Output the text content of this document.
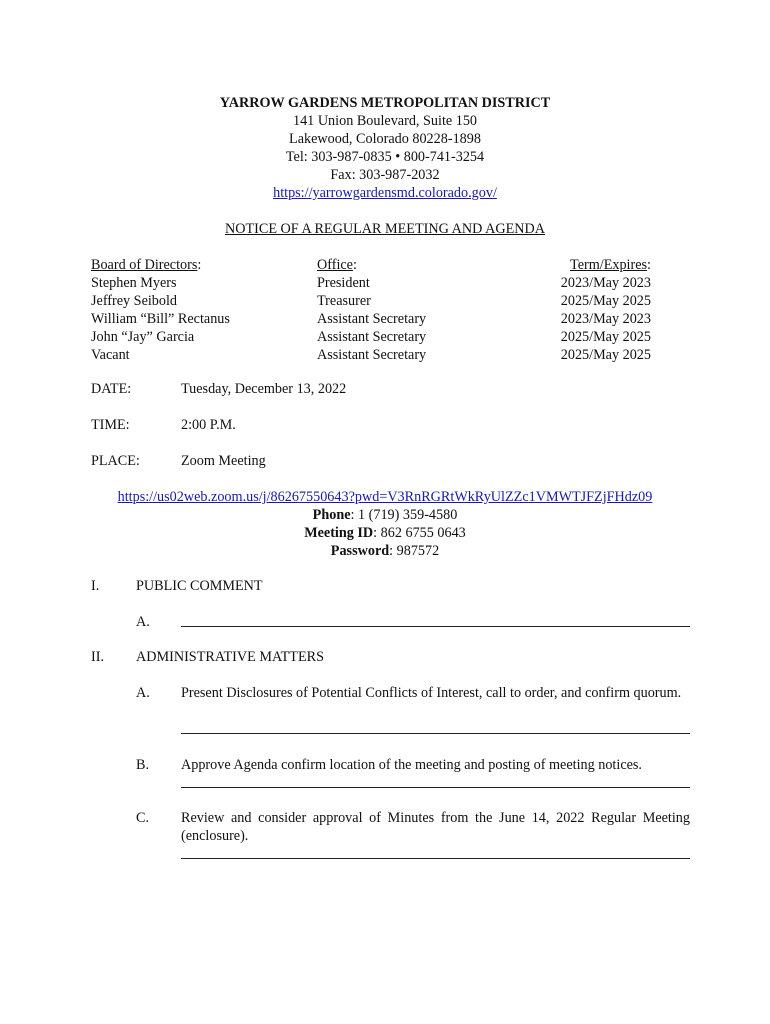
YARROW GARDENS METROPOLITAN DISTRICT
141 Union Boulevard, Suite 150
Lakewood, Colorado 80228-1898
Tel: 303-987-0835 • 800-741-3254
Fax: 303-987-2032
https://yarrowgardensmd.colorado.gov/
NOTICE OF A REGULAR MEETING AND AGENDA
Board of Directors:	Office:	Term/Expires:
Stephen Myers	President	2023/May 2023
Jeffrey Seibold	Treasurer	2025/May 2025
William “Bill” Rectanus	Assistant Secretary	2023/May 2023
John “Jay” Garcia	Assistant Secretary	2025/May 2025
Vacant	Assistant Secretary	2025/May 2025
DATE:	Tuesday, December 13, 2022
TIME:	2:00 P.M.
PLACE:	Zoom Meeting
https://us02web.zoom.us/j/86267550643?pwd=V3RnRGRtWkRyUlZZc1VMWTJFZjFHdz09
Phone: 1 (719) 359-4580
Meeting ID: 862 6755 0643
Password: 987572
I.	PUBLIC COMMENT
A.
II. ADMINISTRATIVE MATTERS
A. Present Disclosures of Potential Conflicts of Interest, call to order, and confirm quorum.
B. Approve Agenda confirm location of the meeting and posting of meeting notices.
C. Review and consider approval of Minutes from the June 14, 2022 Regular Meeting (enclosure).
